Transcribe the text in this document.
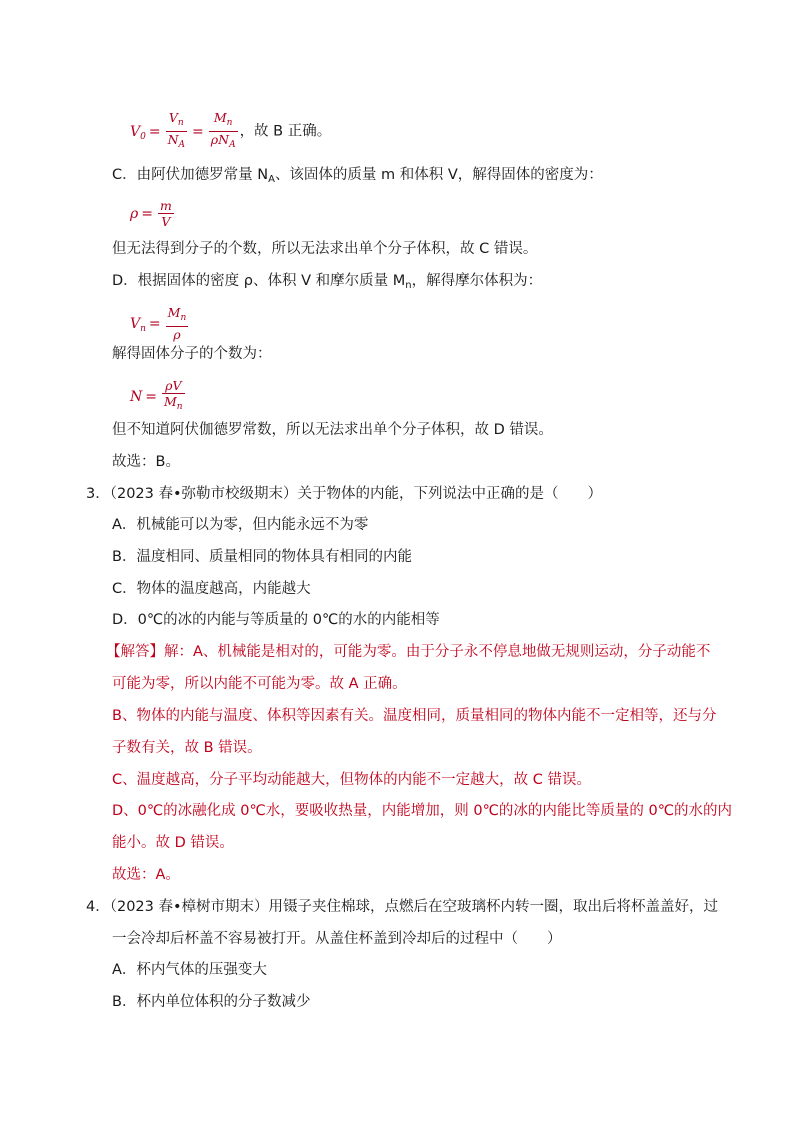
$V_0 = \frac{V_n}{N_A} = \frac{M_n}{\rho N_A}$ ，故 B 正确。
C．由阿伏加德罗常量 $N_A$、该固体的质量 m 和体积 V，解得固体的密度为：
$\rho = \frac{m}{V}$
但无法得到分子的个数，所以无法求出单个分子体积，故 C 错误。
D．根据固体的密度 ρ、体积 V 和摩尔质量 $M_n$，解得摩尔体积为：
$V_n = \frac{M_n}{\rho}$
解得固体分子的个数为：
$N = \frac{\rho V}{M_n}$
但不知道阿伏伽德罗常数，所以无法求出单个分子体积，故 D 错误。
故选：B。
3．（2023 春•弥勒市校级期末）关于物体的内能，下列说法中正确的是（　　）
A．机械能可以为零，但内能永远不为零
B．温度相同、质量相同的物体具有相同的内能
C．物体的温度越高，内能越大
D．0℃的冰的内能与等质量的 0℃的水的内能相等
【解答】解：A、机械能是相对的，可能为零。由于分子永不停息地做无规则运动，分子动能不
可能为零，所以内能不可能为零。故 A 正确。
B、物体的内能与温度、体积等因素有关。温度相同，质量相同的物体内能不一定相等，还与分
子数有关，故 B 错误。
C、温度越高，分子平均动能越大，但物体的内能不一定越大，故 C 错误。
D、0℃的冰融化成 0℃水，要吸收热量，内能增加，则 0℃的冰的内能比等质量的 0℃的水的内
能小。故 D 错误。
故选：A。
4．（2023 春•樟树市期末）用镊子夹住棉球，点燃后在空玻璃杯内转一圈，取出后将杯盖盖好，过
一会冷却后杯盖不容易被打开。从盖住杯盖到冷却后的过程中（　　）
A．杯内气体的压强变大
B．杯内单位体积的分子数减少
